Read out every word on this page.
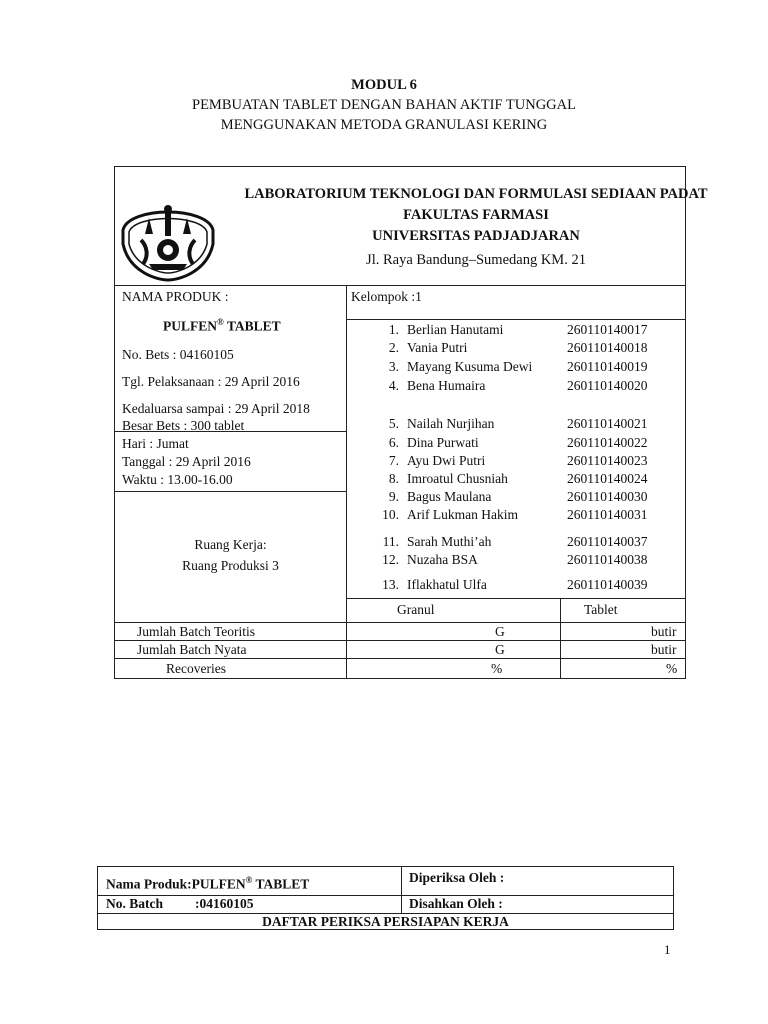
MODUL 6
PEMBUATAN TABLET DENGAN BAHAN AKTIF TUNGGAL
MENGGUNAKAN METODA GRANULASI KERING
LABORATORIUM TEKNOLOGI DAN FORMULASI SEDIAAN PADAT
FAKULTAS FARMASI
UNIVERSITAS PADJADJARAN
Jl. Raya Bandung–Sumedang KM. 21
NAMA PRODUK :
PULFEN® TABLET
No. Bets : 04160105
Tgl. Pelaksanaan : 29 April 2016
Kedaluarsa sampai : 29 April 2018
Besar Bets : 300 tablet
Hari : Jumat
Tanggal : 29 April 2016
Waktu : 13.00-16.00
Ruang Kerja:
Ruang Produksi 3
Kelompok :1
1. Berlian Hanutami	260110140017
2. Vania Putri	260110140018
3. Mayang Kusuma Dewi	260110140019
4. Bena Humaira	260110140020
5. Nailah Nurjihan	260110140021
6. Dina Purwati	260110140022
7. Ayu Dwi Putri	260110140023
8. Imroatul Chusniah	260110140024
9. Bagus Maulana	260110140030
10. Arif Lukman Hakim	260110140031
11. Sarah Muthi’ah	260110140037
12. Nuzaha BSA	260110140038
13. Iflakhatul Ulfa	260110140039
Granul	Tablet
Jumlah Batch Teoritis	G	butir
Jumlah Batch Nyata	G	butir
Recoveries	%	%
Nama Produk:PULFEN® TABLET	Diperiksa Oleh :
No. Batch :04160105	Disahkan Oleh :
DAFTAR PERIKSA PERSIAPAN KERJA
1
